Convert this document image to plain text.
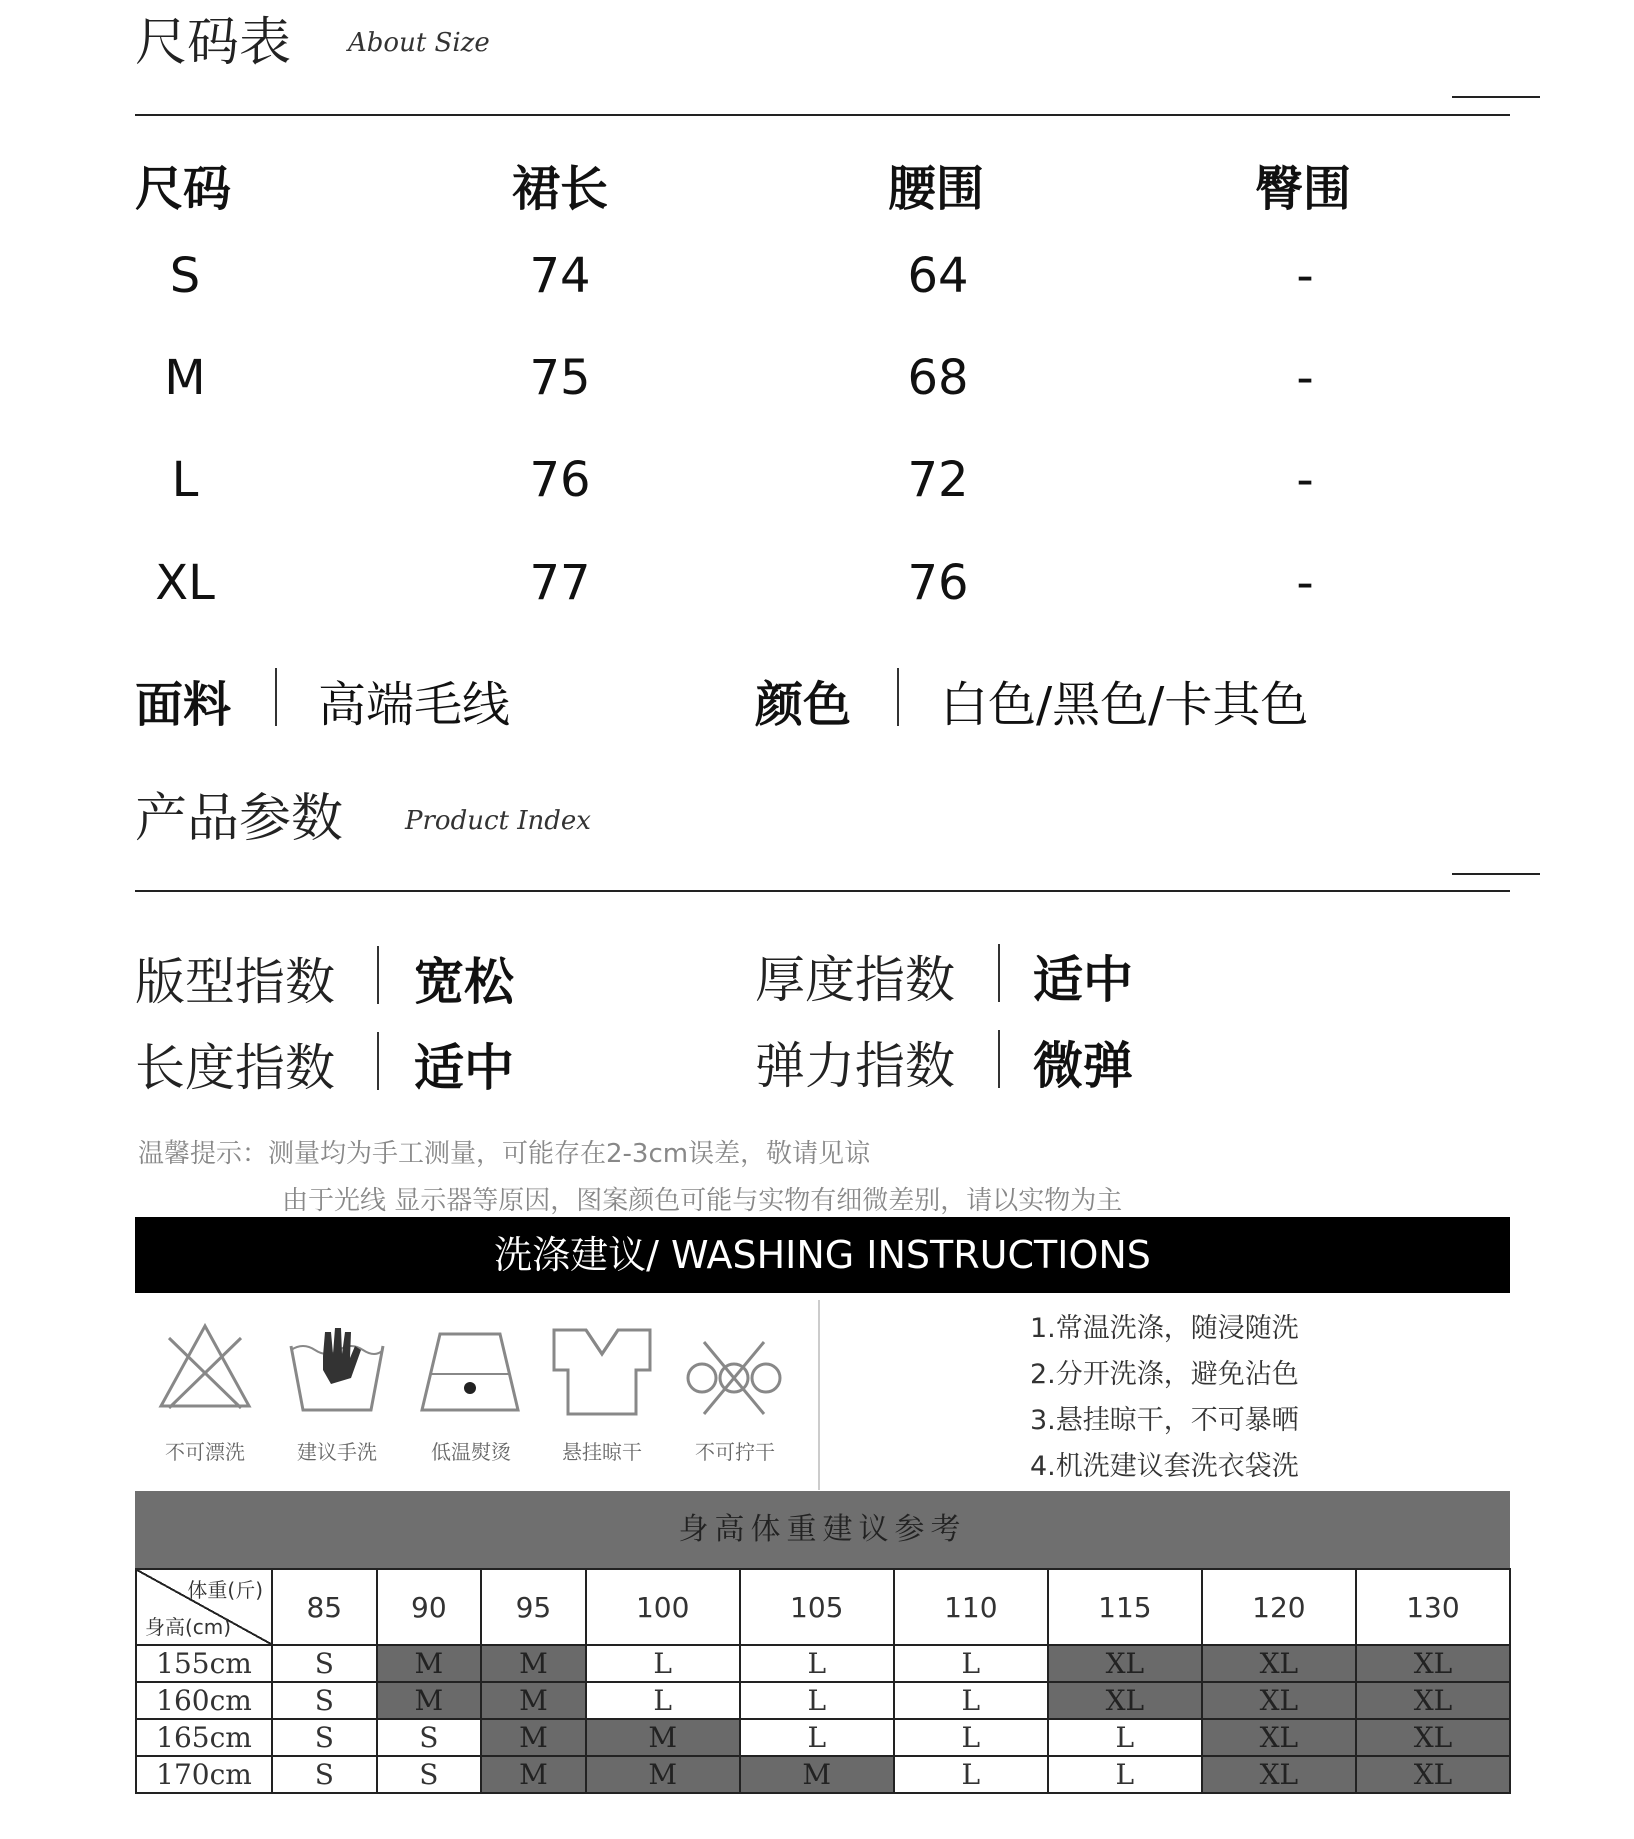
尺码表 About Size
尺码	裙长	腰围	臀围
S	74	64	-
M	75	68	-
L	76	72	-
XL	77	76	-
面料 高端毛线	颜色 白色/黑色/卡其色
产品参数 Product Index
版型指数 宽松	厚度指数 适中
长度指数 适中	弹力指数 微弹
温馨提示：测量均为手工测量，可能存在2-3cm误差，敬请见谅
由于光线 显示器等原因，图案颜色可能与实物有细微差别，请以实物为主
洗涤建议/ WASHING INSTRUCTIONS
不可漂洗	建议手洗	低温熨烫	悬挂晾干	不可拧干
1.常温洗涤，随浸随洗
2.分开洗涤，避免沾色
3.悬挂晾干，不可暴晒
4.机洗建议套洗衣袋洗
身高体重建议参考
体重(斤)
身高(cm)	85	90	95	100	105	110	115	120	130
155cm	S	M	M	L	L	L	XL	XL	XL
160cm	S	M	M	L	L	L	XL	XL	XL
165cm	S	S	M	M	L	L	L	XL	XL
170cm	S	S	M	M	M	L	L	XL	XL
